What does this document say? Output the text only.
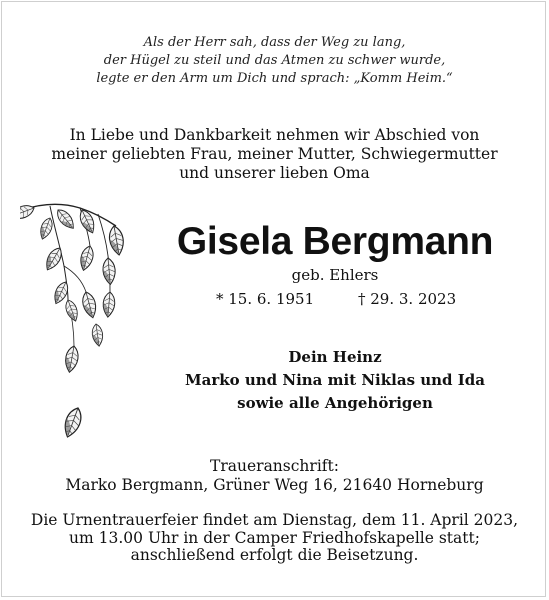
Als der Herr sah, dass der Weg zu lang,
der Hügel zu steil und das Atmen zu schwer wurde,
legte er den Arm um Dich und sprach: „Komm Heim.“
In Liebe und Dankbarkeit nehmen wir Abschied von
meiner geliebten Frau, meiner Mutter, Schwiegermutter
und unserer lieben Oma
Gisela Bergmann
geb. Ehlers
* 15. 6. 1951	† 29. 3. 2023
Dein Heinz
Marko und Nina mit Niklas und Ida
sowie alle Angehörigen
Traueranschrift:
Marko Bergmann, Grüner Weg 16, 21640 Horneburg
Die Urnentrauerfeier findet am Dienstag, dem 11. April 2023,
um 13.00 Uhr in der Camper Friedhofskapelle statt;
anschließend erfolgt die Beisetzung.
